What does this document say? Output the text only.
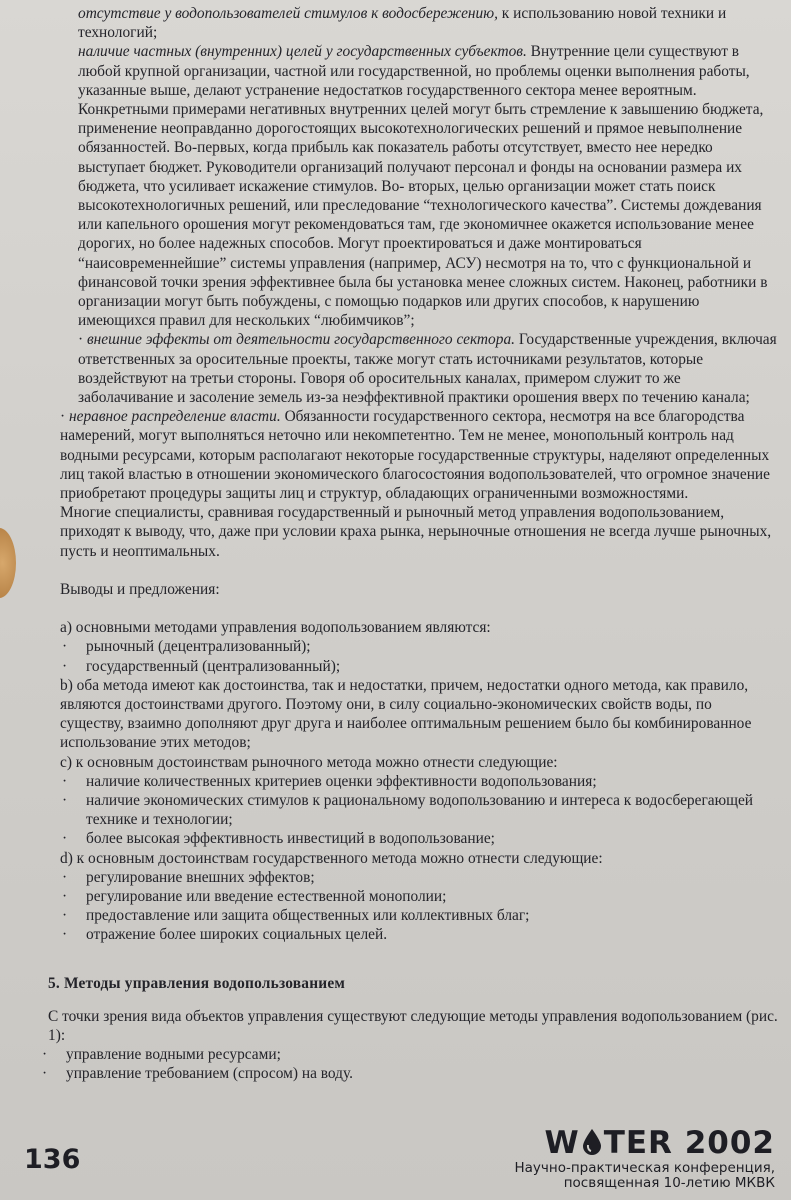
отсутствие у водопользователей стимулов к водосбережению, к использованию новой техники и технологий;

наличие частных (внутренних) целей у государственных субъектов. Внутренние цели существуют в любой крупной организации, частной или государственной, но проблемы оценки выполнения работы, указанные выше, делают устранение недостатков государственного сектора менее вероятным. Конкретными примерами негативных внутренних целей могут быть стремление к завышению бюджета, применение неоправданно дорогостоящих высокотехнологических решений и прямое невыполнение обязанностей. Во-первых, когда прибыль как показатель работы отсутствует, вместо нее нередко выступает бюджет. Руководители организаций получают персонал и фонды на основании размера их бюджета, что усиливает искажение стимулов. Во- вторых, целью организации может стать поиск высокотехнологичных решений, или преследование “технологического качества”. Системы дождевания или капельного орошения могут рекомендоваться там, где экономичнее окажется использование менее дорогих, но более надежных способов. Могут проектироваться и даже монтироваться “наисовременнейшие” системы управления (например, АСУ) несмотря на то, что с функциональной и финансовой точки зрения эффективнее была бы установка менее сложных систем. Наконец, работники в организации могут быть побуждены, с помощью подарков или других способов, к нарушению имеющихся правил для нескольких “любимчиков”;

· внешние эффекты от деятельности государственного сектора. Государственные учреждения, включая ответственных за оросительные проекты, также могут стать источниками результатов, которые воздействуют на третьи стороны. Говоря об оросительных каналах, примером служит то же заболачивание и засоление земель из-за неэффективной практики орошения вверх по течению канала;

· неравное распределение власти. Обязанности государственного сектора, несмотря на все благородства намерений, могут выполняться неточно или некомпетентно. Тем не менее, монопольный контроль над водными ресурсами, которым располагают некоторые государственные структуры, наделяют определенных лиц такой властью в отношении экономического благосостояния водопользователей, что огромное значение приобретают процедуры защиты лиц и структур, обладающих ограниченными возможностями.

Многие специалисты, сравнивая государственный и рыночный метод управления водопользованием, приходят к выводу, что, даже при условии краха рынка, нерыночные отношения не всегда лучше рыночных, пусть и неоптимальных.

Выводы и предложения:

a) основными методами управления водопользованием являются:

· рыночный (децентрализованный);

· государственный (централизованный);

b) оба метода имеют как достоинства, так и недостатки, причем, недостатки одного метода, как правило, являются достоинствами другого. Поэтому они, в силу социально-экономических свойств воды, по существу, взаимно дополняют друг друга и наиболее оптимальным решением было бы комбинированное использование этих методов;

c) к основным достоинствам рыночного метода можно отнести следующие:

· наличие количественных критериев оценки эффективности водопользования;

· наличие экономических стимулов к рациональному водопользованию и интереса к водосберегающей технике и технологии;

· более высокая эффективность инвестиций в водопользование;

d) к основным достоинствам государственного метода можно отнести следующие:

· регулирование внешних эффектов;

· регулирование или введение естественной монополии;

· предоставление или защита общественных или коллективных благ;

· отражение более широких социальных целей.

5. Методы управления водопользованием

С точки зрения вида объектов управления существуют следующие методы управления водопользованием (рис. 1):

· управление водными ресурсами;

· управление требованием (спросом) на воду.

136	W TER 2002
Научно-практическая конференция,
посвященная 10-летию МКВК
